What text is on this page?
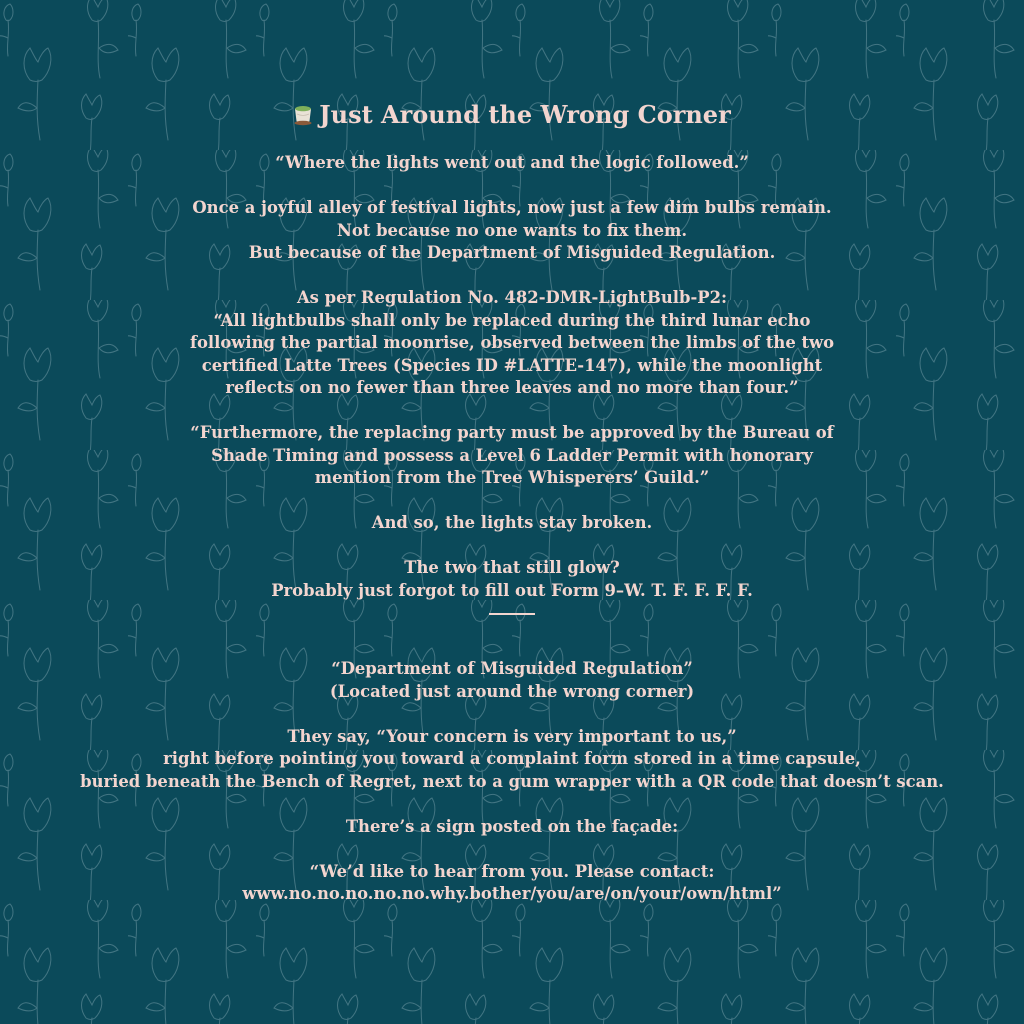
Just Around the Wrong Corner
“Where the lights went out and the logic followed.”
Once a joyful alley of festival lights, now just a few dim bulbs remain.
Not because no one wants to fix them.
But because of the Department of Misguided Regulation.
As per Regulation No. 482-DMR-LightBulb-P2:
“All lightbulbs shall only be replaced during the third lunar echo
following the partial moonrise, observed between the limbs of the two
certified Latte Trees (Species ID #LATTE-147), while the moonlight
reflects on no fewer than three leaves and no more than four.”
“Furthermore, the replacing party must be approved by the Bureau of
Shade Timing and possess a Level 6 Ladder Permit with honorary
mention from the Tree Whisperers’ Guild.”
And so, the lights stay broken.
The two that still glow?
Probably just forgot to fill out Form 9–W. T. F. F. F. F.
“Department of Misguided Regulation”
(Located just around the wrong corner)
They say, “Your concern is very important to us,”
right before pointing you toward a complaint form stored in a time capsule,
buried beneath the Bench of Regret, next to a gum wrapper with a QR code that doesn’t scan.
There’s a sign posted on the façade:
“We’d like to hear from you. Please contact:
www.no.no.no.no.no.why.bother/you/are/on/your/own/html”
